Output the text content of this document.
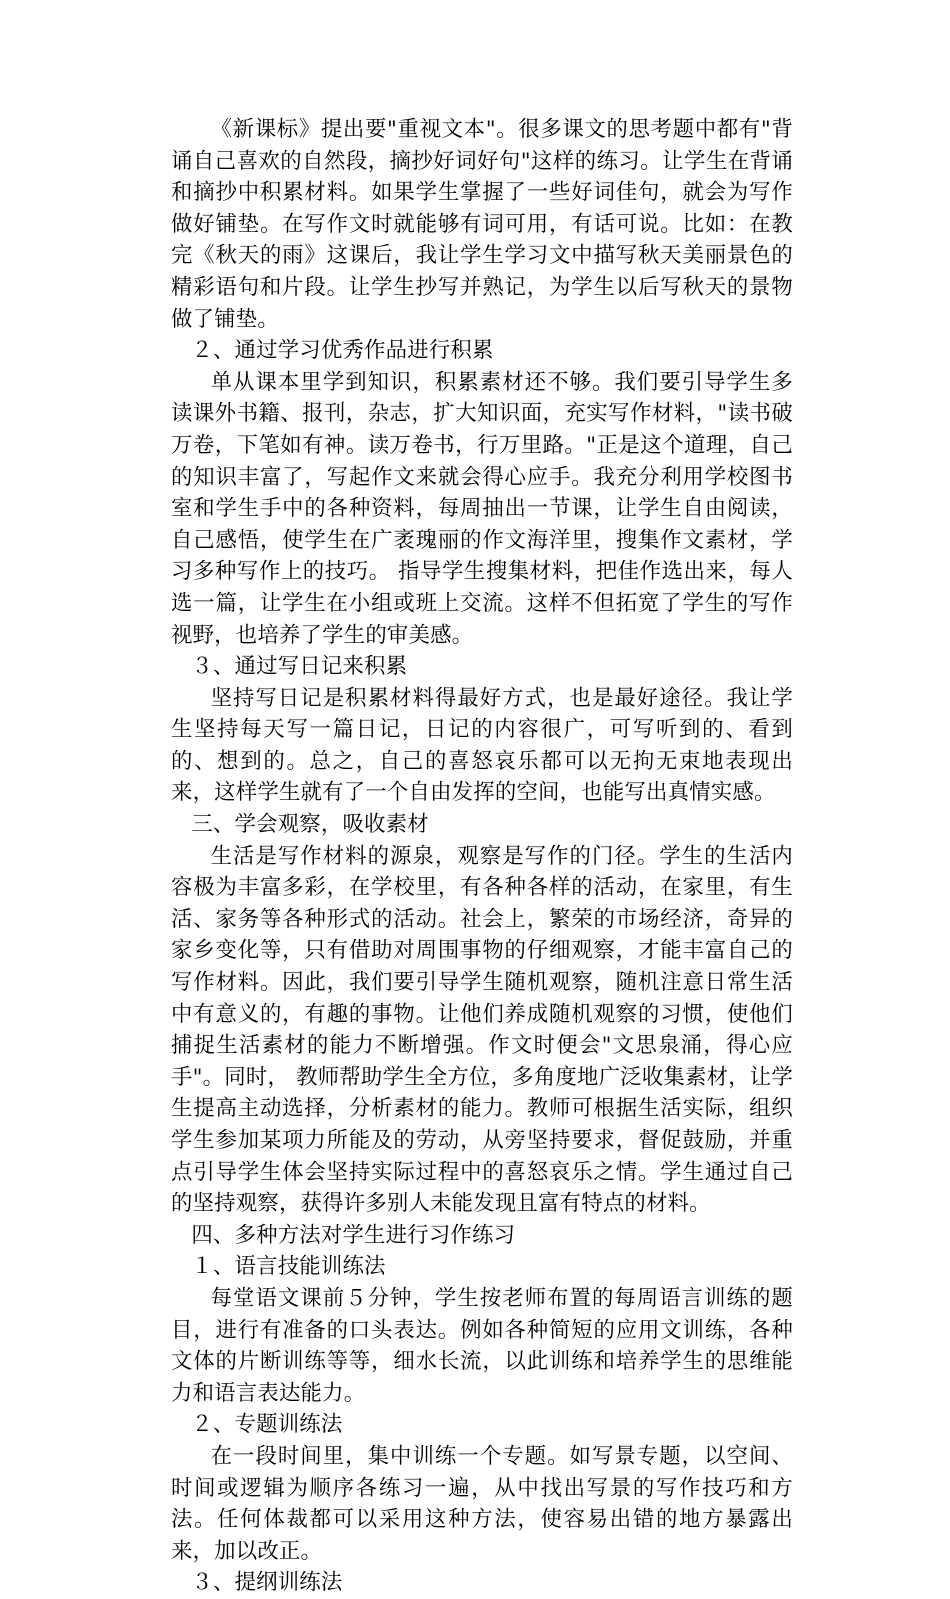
《新课标》提出要"重视文本"。很多课文的思考题中都有"背诵自己喜欢的自然段，摘抄好词好句"这样的练习。让学生在背诵和摘抄中积累材料。如果学生掌握了一些好词佳句，就会为写作做好铺垫。在写作文时就能够有词可用，有话可说。比如：在教完《秋天的雨》这课后，我让学生学习文中描写秋天美丽景色的精彩语句和片段。让学生抄写并熟记，为学生以后写秋天的景物做了铺垫。

２、通过学习优秀作品进行积累

单从课本里学到知识，积累素材还不够。我们要引导学生多读课外书籍、报刊，杂志，扩大知识面，充实写作材料，"读书破万卷，下笔如有神。读万卷书，行万里路。"正是这个道理，自己的知识丰富了，写起作文来就会得心应手。我充分利用学校图书室和学生手中的各种资料，每周抽出一节课，让学生自由阅读，自己感悟，使学生在广袤瑰丽的作文海洋里，搜集作文素材，学习多种写作上的技巧。 指导学生搜集材料，把佳作选出来，每人选一篇，让学生在小组或班上交流。这样不但拓宽了学生的写作视野，也培养了学生的审美感。

３、通过写日记来积累

坚持写日记是积累材料得最好方式，也是最好途径。我让学生坚持每天写一篇日记，日记的内容很广，可写听到的、看到的、想到的。总之，自己的喜怒哀乐都可以无拘无束地表现出来，这样学生就有了一个自由发挥的空间，也能写出真情实感。

三、学会观察，吸收素材

生活是写作材料的源泉，观察是写作的门径。学生的生活内容极为丰富多彩，在学校里，有各种各样的活动，在家里，有生活、家务等各种形式的活动。社会上，繁荣的市场经济，奇异的家乡变化等，只有借助对周围事物的仔细观察，才能丰富自己的写作材料。因此，我们要引导学生随机观察，随机注意日常生活中有意义的，有趣的事物。让他们养成随机观察的习惯，使他们捕捉生活素材的能力不断增强。作文时便会"文思泉涌，得心应手"。同时， 教师帮助学生全方位，多角度地广泛收集素材，让学生提高主动选择，分析素材的能力。教师可根据生活实际，组织学生参加某项力所能及的劳动，从旁坚持要求，督促鼓励，并重点引导学生体会坚持实际过程中的喜怒哀乐之情。学生通过自己的坚持观察，获得许多别人未能发现且富有特点的材料。

四、多种方法对学生进行习作练习

１、语言技能训练法

每堂语文课前５分钟，学生按老师布置的每周语言训练的题目，进行有准备的口头表达。例如各种简短的应用文训练，各种文体的片断训练等等，细水长流，以此训练和培养学生的思维能力和语言表达能力。

２、专题训练法

在一段时间里，集中训练一个专题。如写景专题，以空间、时间或逻辑为顺序各练习一遍，从中找出写景的写作技巧和方法。任何体裁都可以采用这种方法，使容易出错的地方暴露出来，加以改正。

３、提纲训练法
